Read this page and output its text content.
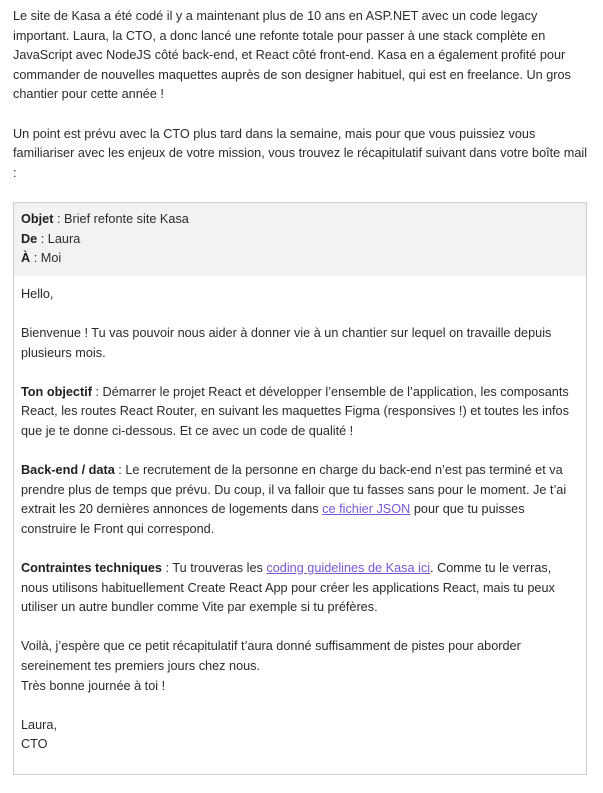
Le site de Kasa a été codé il y a maintenant plus de 10 ans en ASP.NET avec un code legacy important. Laura, la CTO, a donc lancé une refonte totale pour passer à une stack complète en JavaScript avec NodeJS côté back-end, et React côté front-end. Kasa en a également profité pour commander de nouvelles maquettes auprès de son designer habituel, qui est en freelance. Un gros chantier pour cette année !

Un point est prévu avec la CTO plus tard dans la semaine, mais pour que vous puissiez vous familiariser avec les enjeux de votre mission, vous trouvez le récapitulatif suivant dans votre boîte mail :

Objet : Brief refonte site Kasa
De : Laura
À : Moi

Hello,

Bienvenue ! Tu vas pouvoir nous aider à donner vie à un chantier sur lequel on travaille depuis plusieurs mois.

Ton objectif : Démarrer le projet React et développer l’ensemble de l’application, les composants React, les routes React Router, en suivant les maquettes Figma (responsives !) et toutes les infos que je te donne ci-dessous. Et ce avec un code de qualité !

Back-end / data : Le recrutement de la personne en charge du back-end n’est pas terminé et va prendre plus de temps que prévu. Du coup, il va falloir que tu fasses sans pour le moment. Je t’ai extrait les 20 dernières annonces de logements dans ce fichier JSON pour que tu puisses construire le Front qui correspond.

Contraintes techniques : Tu trouveras les coding guidelines de Kasa ici. Comme tu le verras, nous utilisons habituellement Create React App pour créer les applications React, mais tu peux utiliser un autre bundler comme Vite par exemple si tu préfères.

Voilà, j’espère que ce petit récapitulatif t’aura donné suffisamment de pistes pour aborder sereinement tes premiers jours chez nous.
Très bonne journée à toi !

Laura,
CTO
